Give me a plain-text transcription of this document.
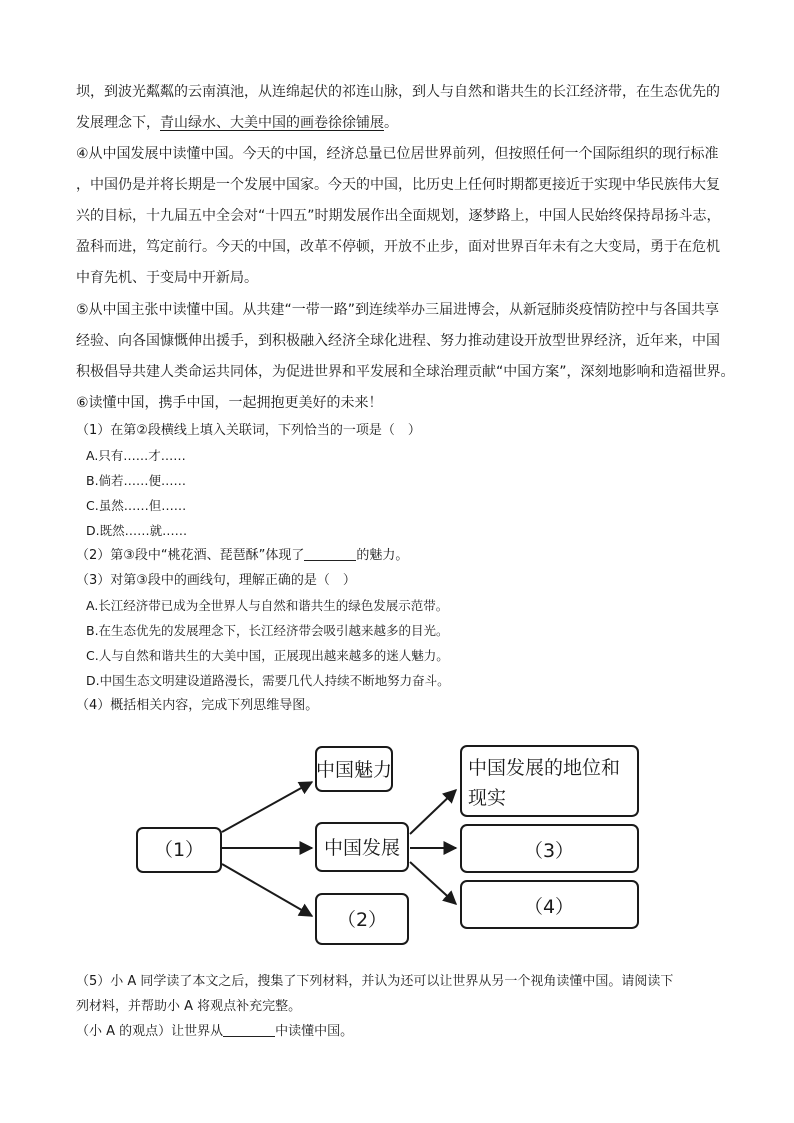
坝，到波光粼粼的云南滇池，从连绵起伏的祁连山脉，到人与自然和谐共生的长江经济带，在生态优先的

发展理念下，青山绿水、大美中国的画卷徐徐铺展。

④从中国发展中读懂中国。今天的中国，经济总量已位居世界前列，但按照任何一个国际组织的现行标准

，中国仍是并将长期是一个发展中国家。今天的中国，比历史上任何时期都更接近于实现中华民族伟大复

兴的目标，十九届五中全会对“十四五”时期发展作出全面规划，逐梦路上，中国人民始终保持昂扬斗志，

盈科而进，笃定前行。今天的中国，改革不停顿，开放不止步，面对世界百年未有之大变局，勇于在危机

中育先机、于变局中开新局。

⑤从中国主张中读懂中国。从共建“一带一路”到连续举办三届进博会，从新冠肺炎疫情防控中与各国共享

经验、向各国慷慨伸出援手，到积极融入经济全球化进程、努力推动建设开放型世界经济，近年来，中国

积极倡导共建人类命运共同体，为促进世界和平发展和全球治理贡献“中国方案”，深刻地影响和造福世界。

⑥读懂中国，携手中国，一起拥抱更美好的未来！

（1）在第②段横线上填入关联词，下列恰当的一项是（　）

A.只有……才……

B.倘若……便……

C.虽然……但……

D.既然……就……

（2）第③段中“桃花酒、琵琶酥”体现了	的魅力。

（3）对第③段中的画线句，理解正确的是（　）

A.长江经济带已成为全世界人与自然和谐共生的绿色发展示范带。

B.在生态优先的发展理念下，长江经济带会吸引越来越多的目光。

C.人与自然和谐共生的大美中国，正展现出越来越多的迷人魅力。

D.中国生态文明建设道路漫长，需要几代人持续不断地努力奋斗。

（4）概括相关内容，完成下列思维导图。

（1）
中国魅力
中国发展
（2）
（3）
（4）
中国发展的地位和
现实

（5）小 A 同学读了本文之后，搜集了下列材料，并认为还可以让世界从另一个视角读懂中国。请阅读下

列材料，并帮助小 A 将观点补充完整。

（小 A 的观点）让世界从	中读懂中国。
